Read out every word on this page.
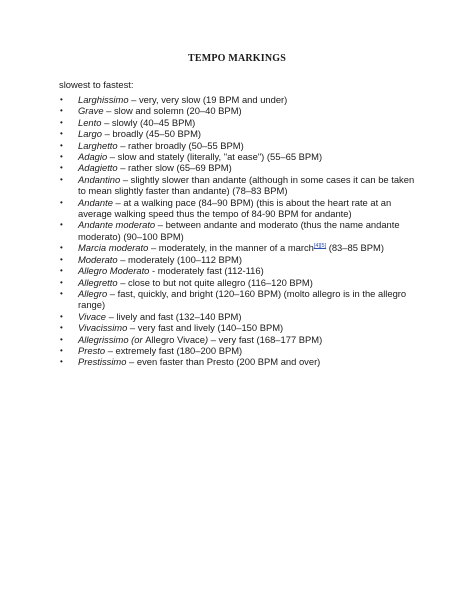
TEMPO MARKINGS
slowest to fastest:
• Larghissimo – very, very slow (19 BPM and under)
• Grave – slow and solemn (20–40 BPM)
• Lento – slowly (40–45 BPM)
• Largo – broadly (45–50 BPM)
• Larghetto – rather broadly (50–55 BPM)
• Adagio – slow and stately (literally, "at ease") (55–65 BPM)
• Adagietto – rather slow (65–69 BPM)
• Andantino – slightly slower than andante (although in some cases it can be taken to mean slightly faster than andante) (78–83 BPM)
• Andante – at a walking pace (84–90 BPM) (this is about the heart rate at an average walking speed thus the tempo of 84-90 BPM for andante)
• Andante moderato – between andante and moderato (thus the name andante moderato) (90–100 BPM)
• Marcia moderato – moderately, in the manner of a march[4][5] (83–85 BPM)
• Moderato – moderately (100–112 BPM)
• Allegro Moderato - moderately fast (112-116)
• Allegretto – close to but not quite allegro (116–120 BPM)
• Allegro – fast, quickly, and bright (120–160 BPM) (molto allegro is in the allegro range)
• Vivace – lively and fast (132–140 BPM)
• Vivacissimo – very fast and lively (140–150 BPM)
• Allegrissimo (or Allegro Vivace) – very fast (168–177 BPM)
• Presto – extremely fast (180–200 BPM)
• Prestissimo – even faster than Presto (200 BPM and over)
